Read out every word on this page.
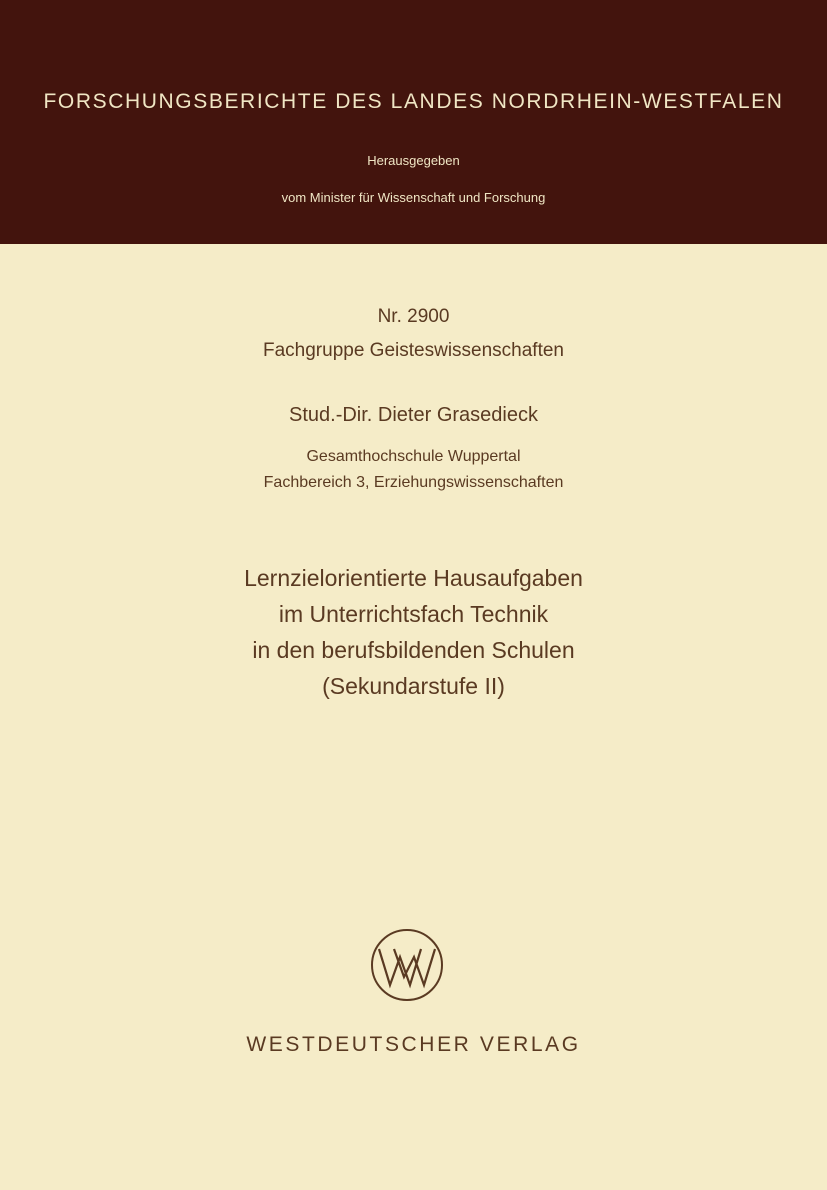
FORSCHUNGSBERICHTE DES LANDES NORDRHEIN-WESTFALEN
Herausgegeben
vom Minister für Wissenschaft und Forschung
Nr. 2900
Fachgruppe Geisteswissenschaften
Stud.-Dir. Dieter Grasedieck
Gesamthochschule Wuppertal
Fachbereich 3, Erziehungswissenschaften
Lernzielorientierte Hausaufgaben
im Unterrichtsfach Technik
in den berufsbildenden Schulen
(Sekundarstufe II)
WESTDEUTSCHER VERLAG
